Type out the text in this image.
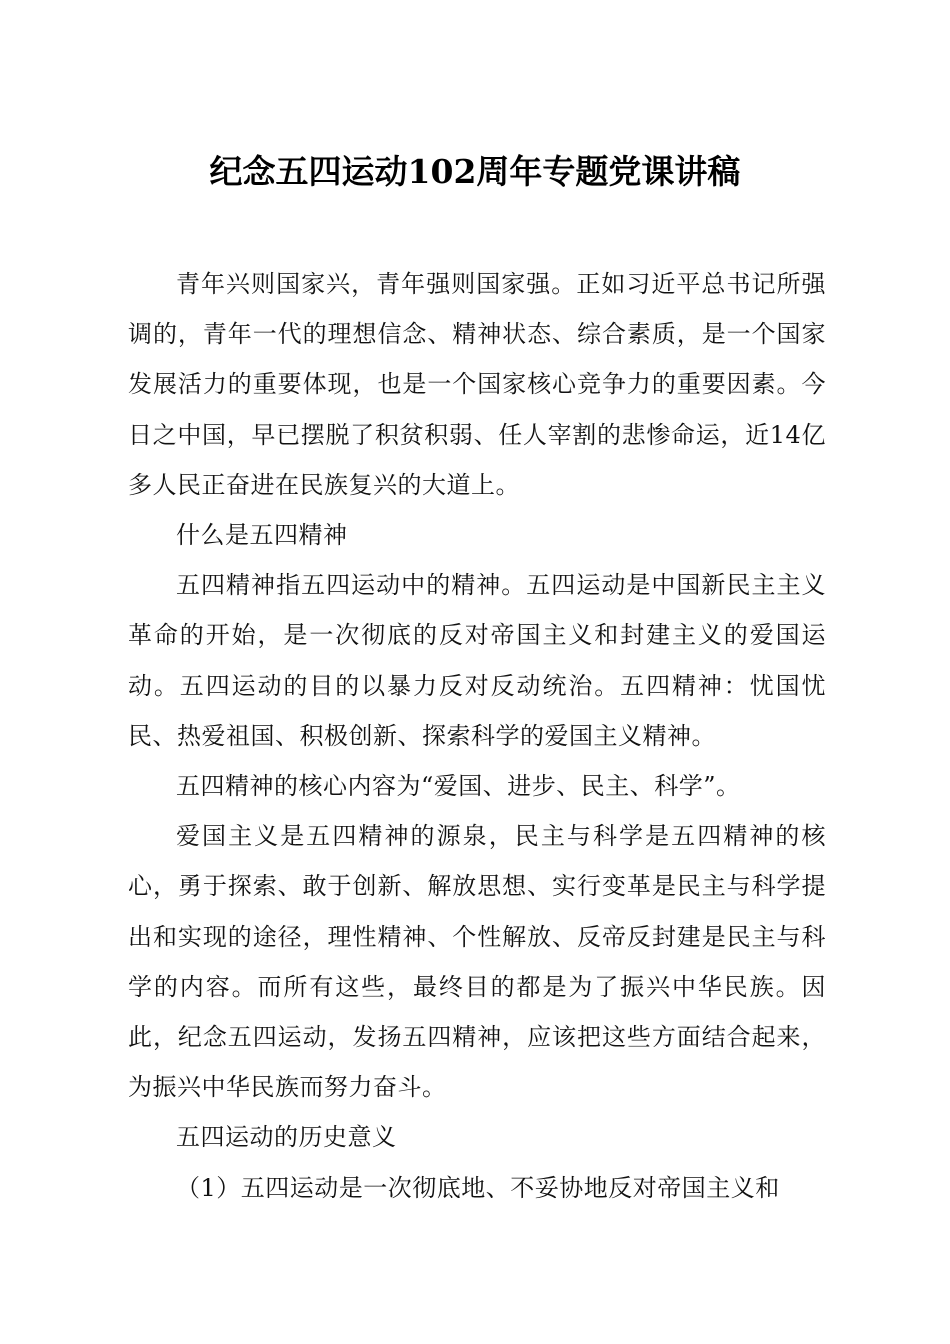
纪念五四运动102周年专题党课讲稿

青年兴则国家兴，青年强则国家强。正如习近平总书记所强调的，青年一代的理想信念、精神状态、综合素质，是一个国家发展活力的重要体现，也是一个国家核心竞争力的重要因素。今日之中国，早已摆脱了积贫积弱、任人宰割的悲惨命运，近14亿多人民正奋进在民族复兴的大道上。

什么是五四精神

五四精神指五四运动中的精神。五四运动是中国新民主主义革命的开始，是一次彻底的反对帝国主义和封建主义的爱国运动。五四运动的目的以暴力反对反动统治。五四精神：忧国忧民、热爱祖国、积极创新、探索科学的爱国主义精神。

五四精神的核心内容为“爱国、进步、民主、科学”。

爱国主义是五四精神的源泉，民主与科学是五四精神的核心，勇于探索、敢于创新、解放思想、实行变革是民主与科学提出和实现的途径，理性精神、个性解放、反帝反封建是民主与科学的内容。而所有这些，最终目的都是为了振兴中华民族。因此，纪念五四运动，发扬五四精神，应该把这些方面结合起来，为振兴中华民族而努力奋斗。

五四运动的历史意义

（1）五四运动是一次彻底地、不妥协地反对帝国主义和
